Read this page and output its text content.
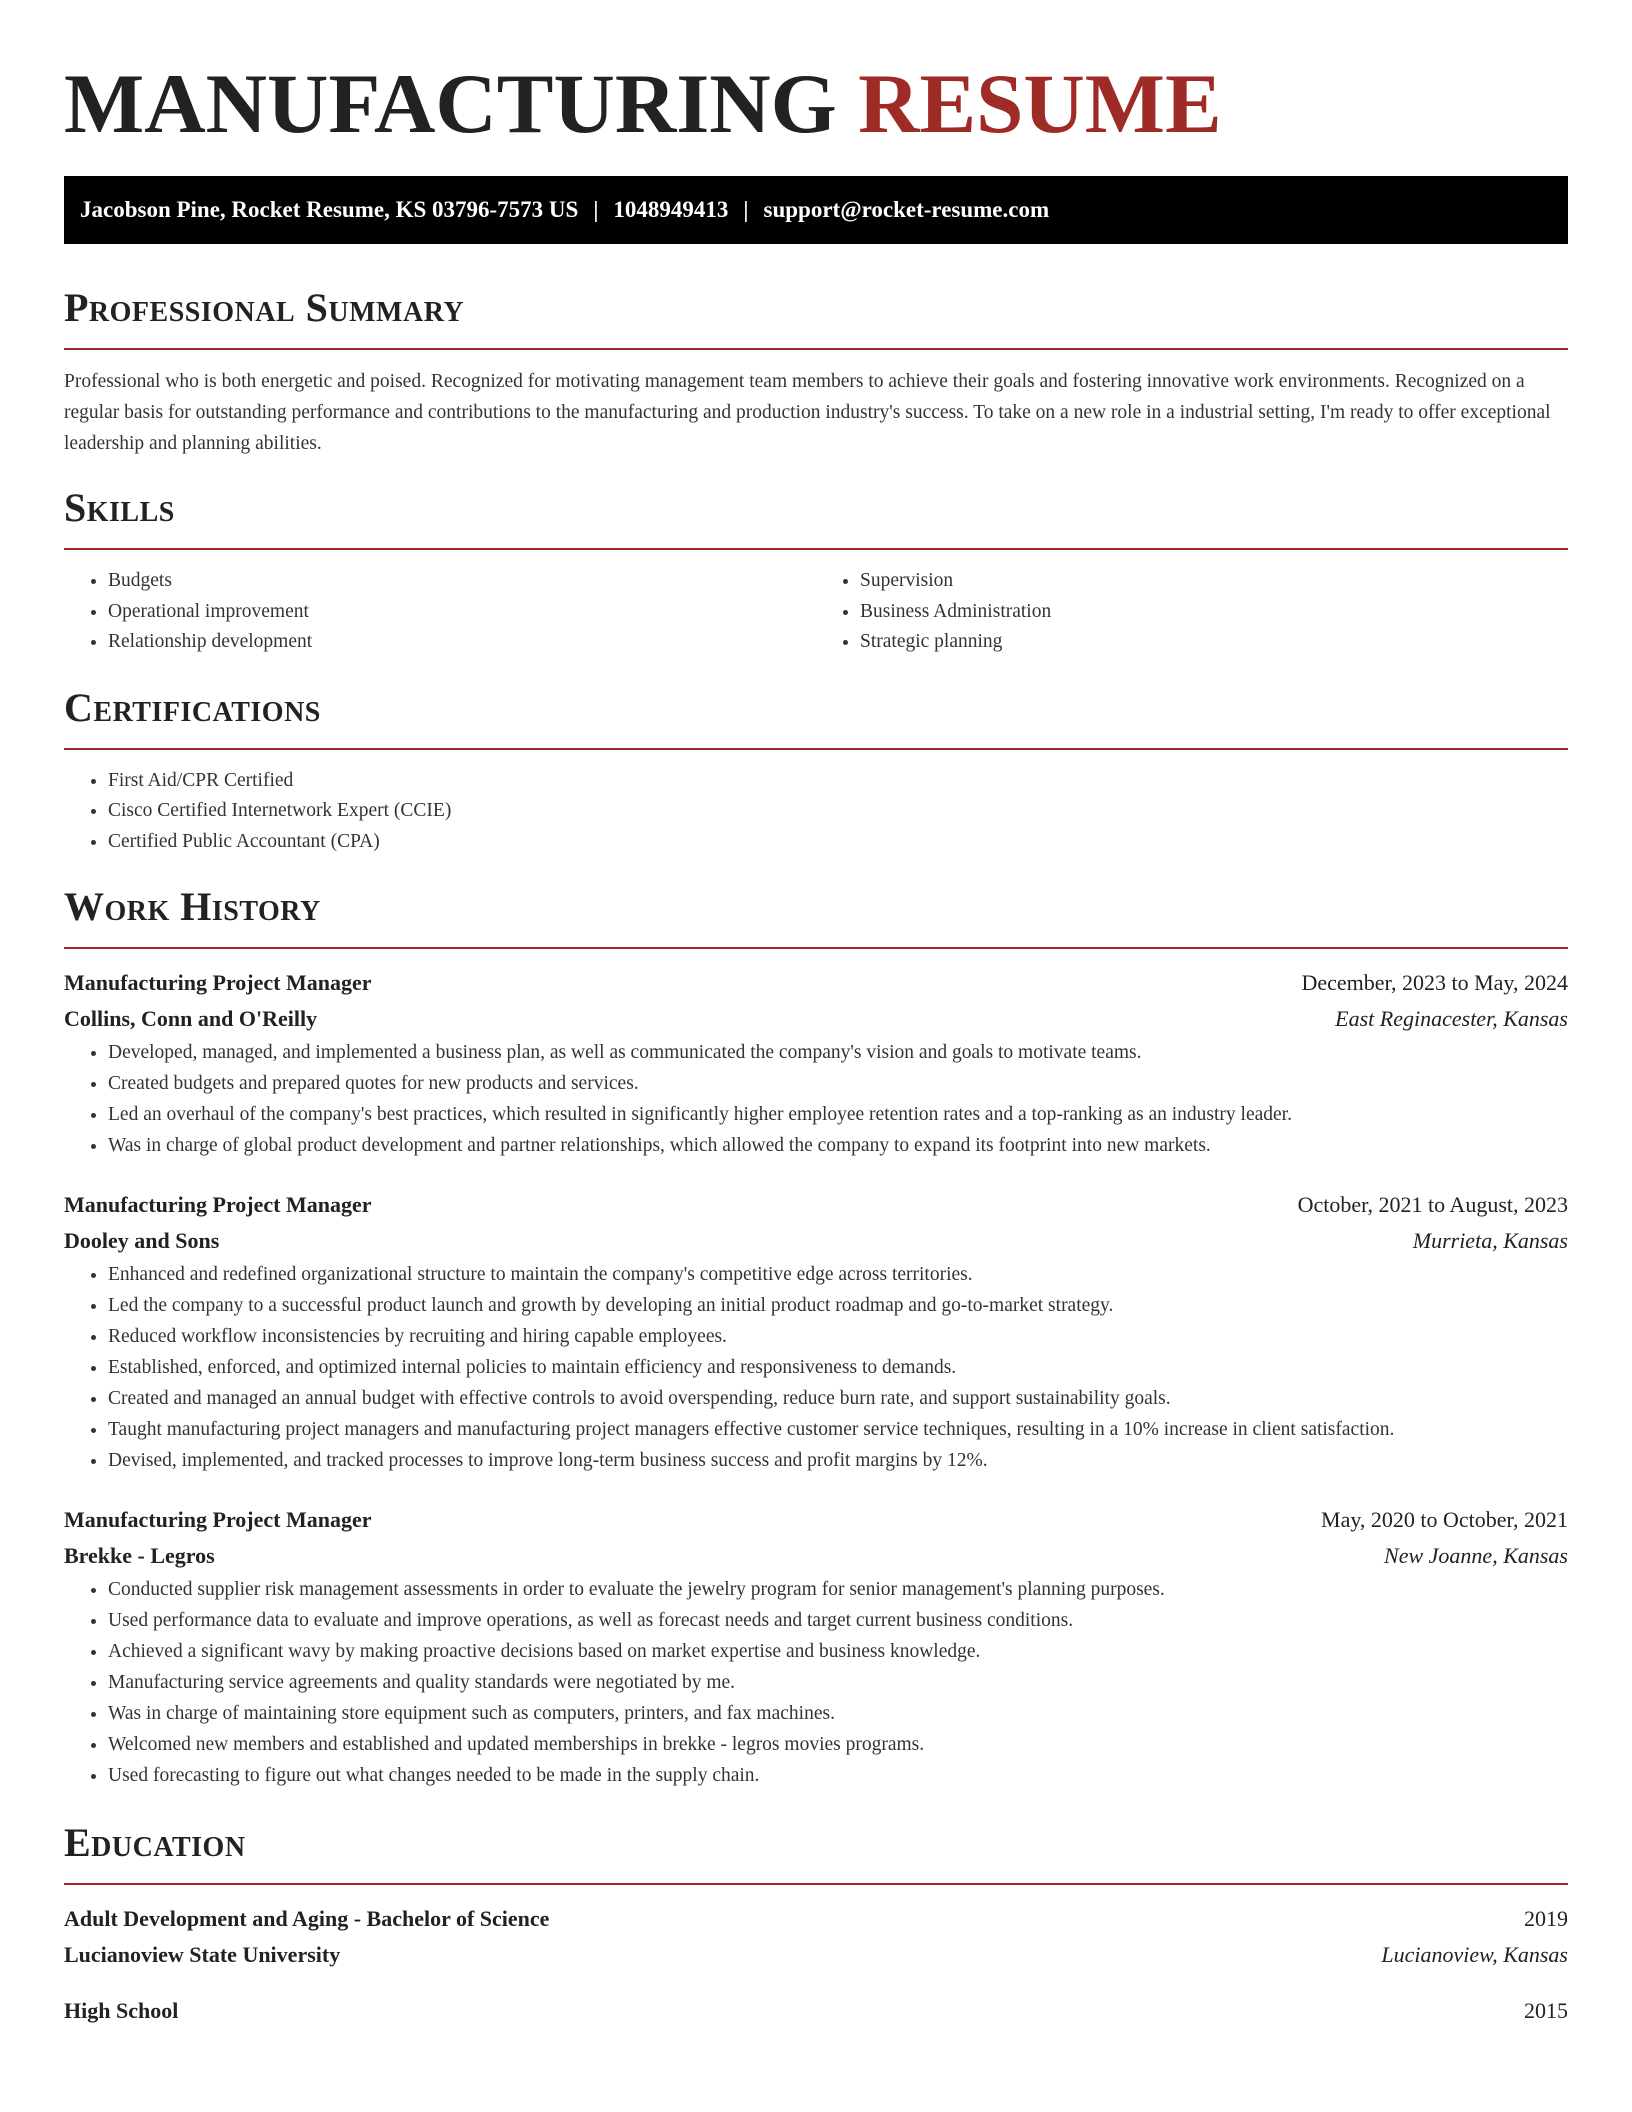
MANUFACTURING RESUME
Jacobson Pine, Rocket Resume, KS 03796-7573 US | 1048949413 | support@rocket-resume.com
Professional Summary

Professional who is both energetic and poised. Recognized for motivating management team members to achieve their goals and fostering innovative work environments. Recognized on a regular basis for outstanding performance and contributions to the manufacturing and production industry's success. To take on a new role in a industrial setting, I'm ready to offer exceptional leadership and planning abilities.

Skills
• Budgets
• Operational improvement
• Relationship development
• Supervision
• Business Administration
• Strategic planning
Certifications
• First Aid/CPR Certified
• Cisco Certified Internetwork Expert (CCIE)
• Certified Public Accountant (CPA)
Work History
Manufacturing Project Manager	December, 2023 to May, 2024
Collins, Conn and O'Reilly	East Reginacester, Kansas
• Developed, managed, and implemented a business plan, as well as communicated the company's vision and goals to motivate teams.
• Created budgets and prepared quotes for new products and services.
• Led an overhaul of the company's best practices, which resulted in significantly higher employee retention rates and a top-ranking as an industry leader.
• Was in charge of global product development and partner relationships, which allowed the company to expand its footprint into new markets.
Manufacturing Project Manager	October, 2021 to August, 2023
Dooley and Sons	Murrieta, Kansas
• Enhanced and redefined organizational structure to maintain the company's competitive edge across territories.
• Led the company to a successful product launch and growth by developing an initial product roadmap and go-to-market strategy.
• Reduced workflow inconsistencies by recruiting and hiring capable employees.
• Established, enforced, and optimized internal policies to maintain efficiency and responsiveness to demands.
• Created and managed an annual budget with effective controls to avoid overspending, reduce burn rate, and support sustainability goals.
• Taught manufacturing project managers and manufacturing project managers effective customer service techniques, resulting in a 10% increase in client satisfaction.
• Devised, implemented, and tracked processes to improve long-term business success and profit margins by 12%.
Manufacturing Project Manager	May, 2020 to October, 2021
Brekke - Legros	New Joanne, Kansas
• Conducted supplier risk management assessments in order to evaluate the jewelry program for senior management's planning purposes.
• Used performance data to evaluate and improve operations, as well as forecast needs and target current business conditions.
• Achieved a significant wavy by making proactive decisions based on market expertise and business knowledge.
• Manufacturing service agreements and quality standards were negotiated by me.
• Was in charge of maintaining store equipment such as computers, printers, and fax machines.
• Welcomed new members and established and updated memberships in brekke - legros movies programs.
• Used forecasting to figure out what changes needed to be made in the supply chain.
Education
Adult Development and Aging - Bachelor of Science	2019
Lucianoview State University	Lucianoview, Kansas
High School	2015
